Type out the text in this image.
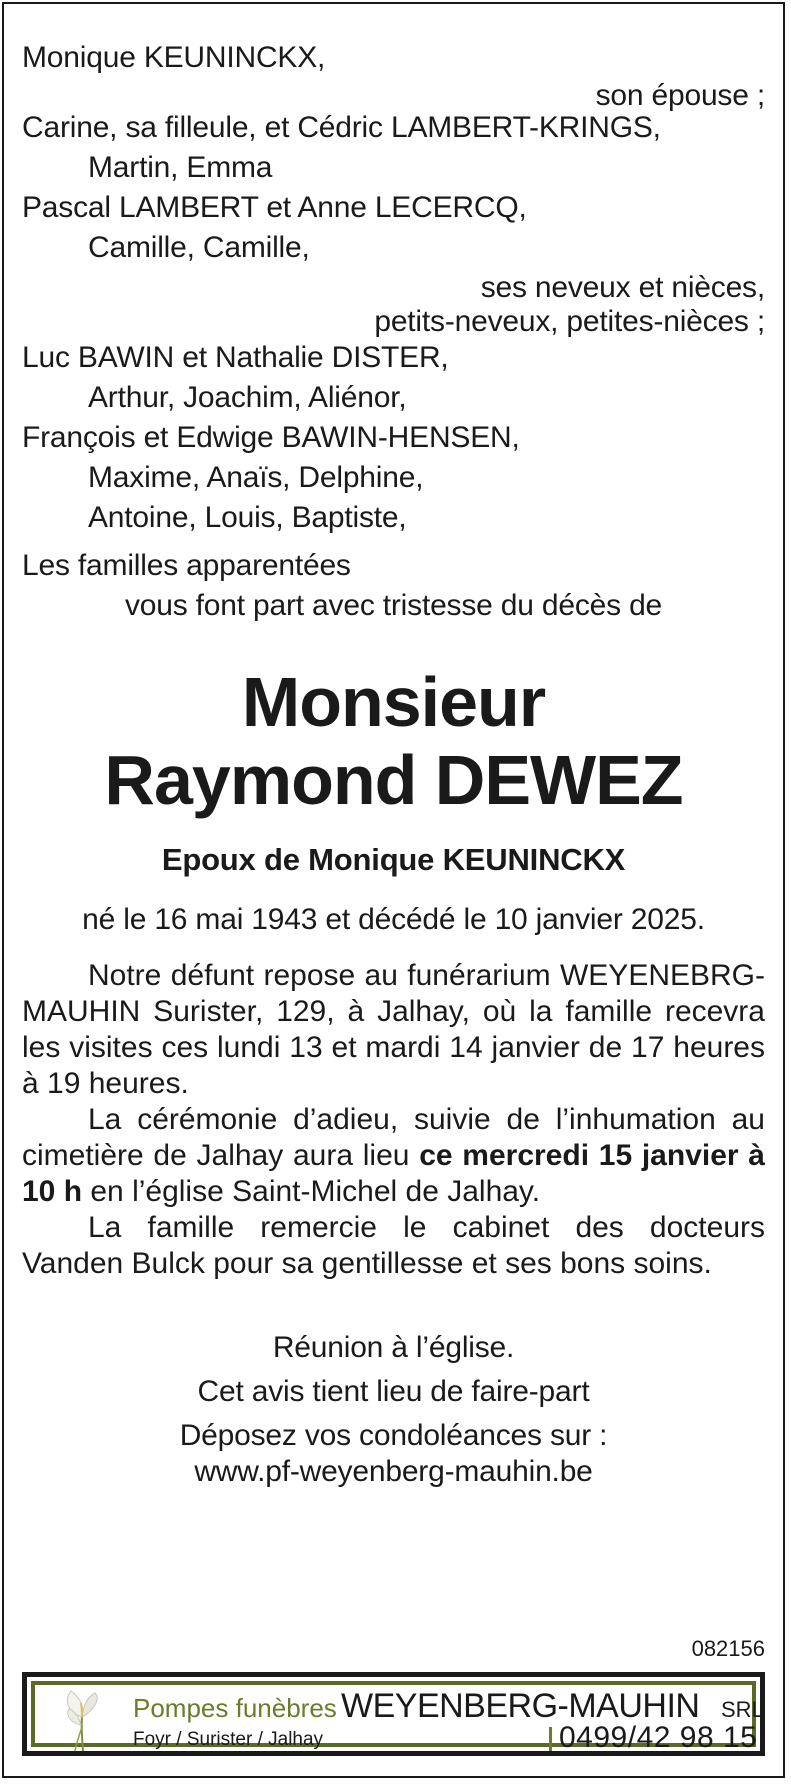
Monique KEUNINCKX,
son épouse ;
Carine, sa filleule, et Cédric LAMBERT-KRINGS,
Martin, Emma
Pascal LAMBERT et Anne LECERCQ,
Camille, Camille,
ses neveux et nièces,
petits-neveux, petites-nièces ;
Luc BAWIN et Nathalie DISTER,
Arthur, Joachim, Aliénor,
François et Edwige BAWIN-HENSEN,
Maxime, Anaïs, Delphine,
Antoine, Louis, Baptiste,
Les familles apparentées
vous font part avec tristesse du décès de
Monsieur
Raymond DEWEZ
Epoux de Monique KEUNINCKX
né le 16 mai 1943 et décédé le 10 janvier 2025.

Notre défunt repose au funérarium WEYENEBRG-MAUHIN Surister, 129, à Jalhay, où la famille recevra les visites ces lundi 13 et mardi 14 janvier de 17 heures à 19 heures.

La cérémonie d’adieu, suivie de l’inhumation au cimetière de Jalhay aura lieu ce mercredi 15 janvier à 10 h en l’église Saint-Michel de Jalhay.

La famille remercie le cabinet des docteurs Vanden Bulck pour sa gentillesse et ses bons soins.

Réunion à l’église.
Cet avis tient lieu de faire-part
Déposez vos condoléances sur :
www.pf-weyenberg-mauhin.be
082156
Pompes funèbres WEYENBERG-MAUHIN SRL
Foyr / Surister / Jalhay	0499/42 98 15
